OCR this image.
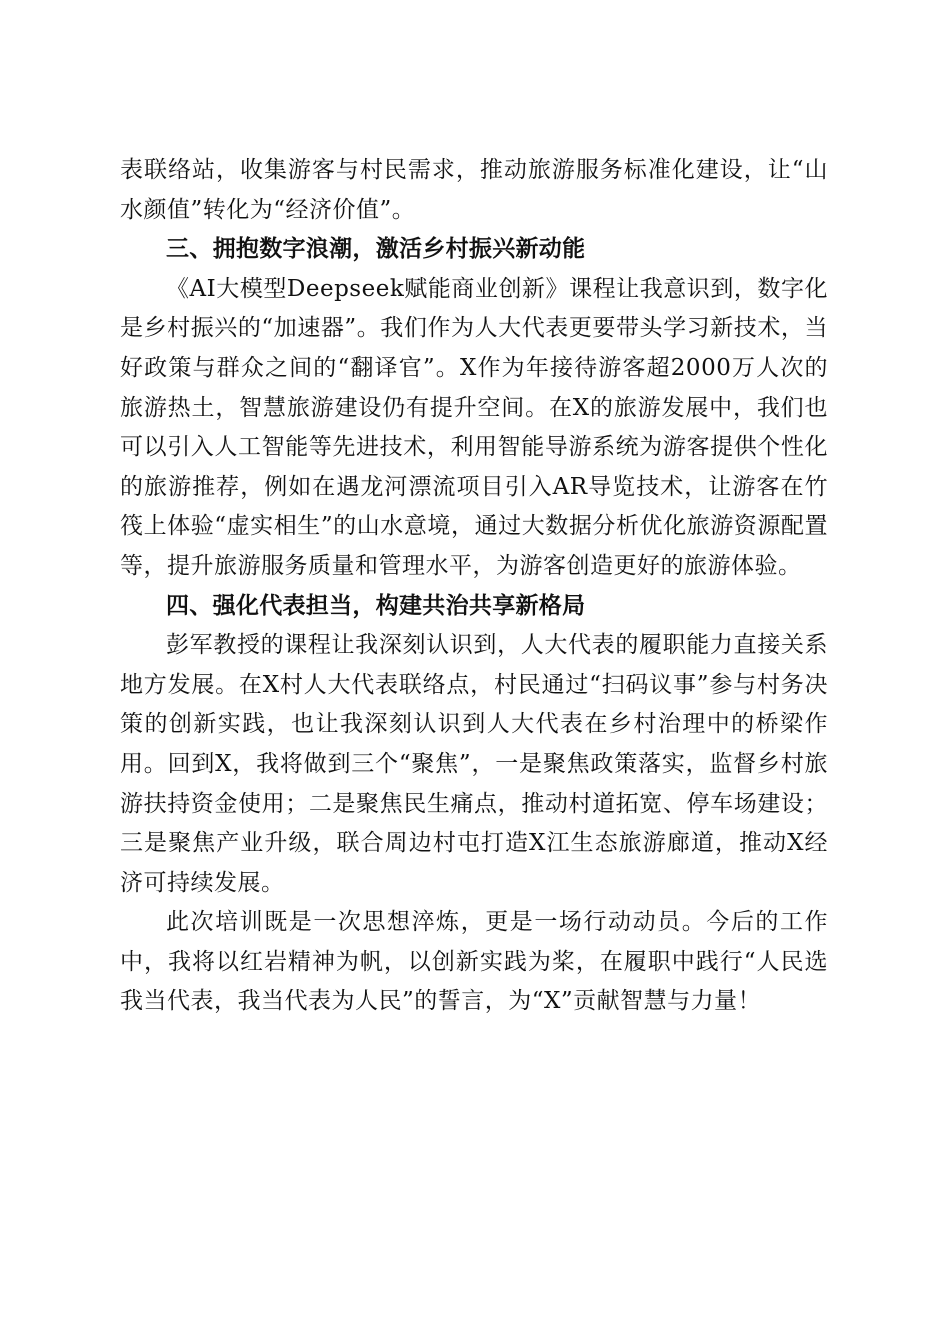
表联络站，收集游客与村民需求，推动旅游服务标准化建设，让“山水颜值”转化为“经济价值”。

三、拥抱数字浪潮，激活乡村振兴新动能

《AI大模型Deepseek赋能商业创新》课程让我意识到，数字化是乡村振兴的“加速器”。我们作为人大代表更要带头学习新技术，当好政策与群众之间的“翻译官”。X作为年接待游客超2000万人次的旅游热土，智慧旅游建设仍有提升空间。在X的旅游发展中，我们也可以引入人工智能等先进技术，利用智能导游系统为游客提供个性化的旅游推荐，例如在遇龙河漂流项目引入AR导览技术，让游客在竹筏上体验“虚实相生”的山水意境，通过大数据分析优化旅游资源配置等，提升旅游服务质量和管理水平，为游客创造更好的旅游体验。

四、强化代表担当，构建共治共享新格局

彭军教授的课程让我深刻认识到，人大代表的履职能力直接关系地方发展。在X村人大代表联络点，村民通过“扫码议事”参与村务决策的创新实践，也让我深刻认识到人大代表在乡村治理中的桥梁作用。回到X，我将做到三个“聚焦”，一是聚焦政策落实，监督乡村旅游扶持资金使用；二是聚焦民生痛点，推动村道拓宽、停车场建设；三是聚焦产业升级，联合周边村屯打造X江生态旅游廊道，推动X经济可持续发展。

此次培训既是一次思想淬炼，更是一场行动动员。今后的工作中，我将以红岩精神为帆，以创新实践为桨，在履职中践行“人民选我当代表，我当代表为人民”的誓言，为“X”贡献智慧与力量！
